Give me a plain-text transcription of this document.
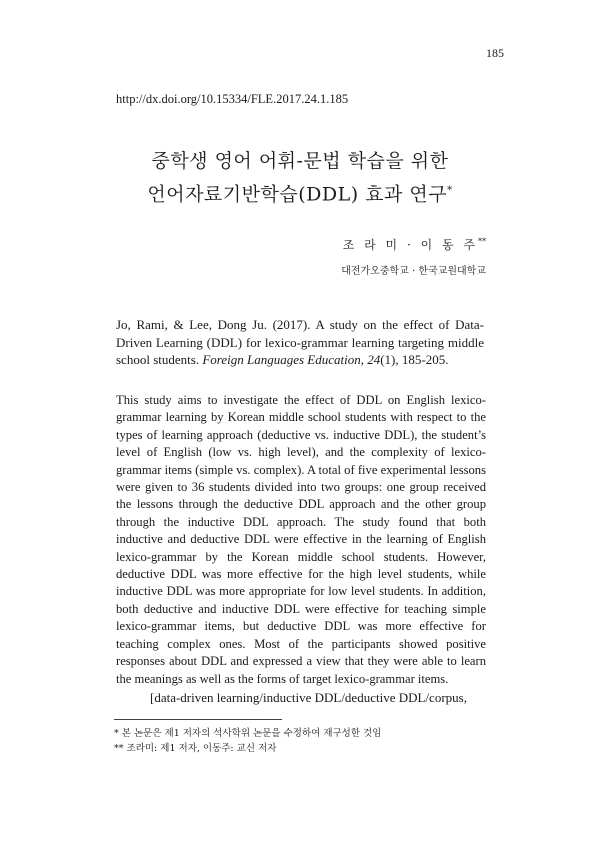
185
http://dx.doi.org/10.15334/FLE.2017.24.1.185
중학생 영어 어휘-문법 학습을 위한
언어자료기반학습(DDL) 효과 연구*
조 라 미 · 이 동 주**
대전가오중학교 · 한국교원대학교
Jo, Rami, & Lee, Dong Ju. (2017). A study on the effect of Data-Driven Learning (DDL) for lexico-grammar learning targeting middle school students. Foreign Languages Education, 24(1), 185-205.
This study aims to investigate the effect of DDL on English lexico-grammar learning by Korean middle school students with respect to the types of learning approach (deductive vs. inductive DDL), the student’s level of English (low vs. high level), and the complexity of lexico-grammar items (simple vs. complex). A total of five experimental lessons were given to 36 students divided into two groups: one group received the lessons through the deductive DDL approach and the other group through the inductive DDL approach. The study found that both inductive and deductive DDL were effective in the learning of English lexico-grammar by the Korean middle school students. However, deductive DDL was more effective for the high level students, while inductive DDL was more appropriate for low level students. In addition, both deductive and inductive DDL were effective for teaching simple lexico-grammar items, but deductive DDL was more effective for teaching complex ones. Most of the participants showed positive responses about DDL and expressed a view that they were able to learn the meanings as well as the forms of target lexico-grammar items.
[data-driven learning/inductive DDL/deductive DDL/corpus,
* 본 논문은 제1 저자의 석사학위 논문을 수정하여 재구성한 것임
** 조라미: 제1 저자, 이동주: 교신 저자
